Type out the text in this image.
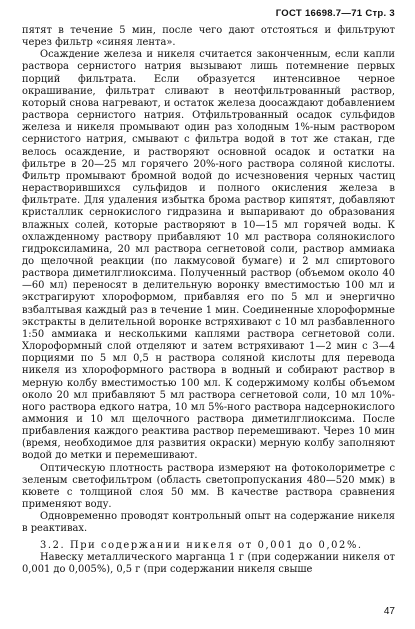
ГОСТ 16698.7—71 Стр. 3

пятят в течение 5 мин, после чего дают отстояться и фильтруют через фильтр «синяя лента».

Осаждение железа и никеля считается законченным, если капли раствора сернистого натрия вызывают лишь потемнение первых порций фильтрата. Если образуется интенсивное черное окрашивание, фильтрат сливают в неотфильтрованный раствор, который снова нагревают, и остаток железа доосаждают добавлением раствора сернистого натрия. Отфильтрованный осадок сульфидов железа и никеля промывают один раз холодным 1%-ным раствором сернистого натрия, смывают с фильтра водой в тот же стакан, где велось осаждение, и растворяют основной осадок и остатки на фильтре в 20—25 мл горячего 20%-ного раствора соляной кислоты. Фильтр промывают бромной водой до исчезновения черных частиц нерастворившихся сульфидов и полного окисления железа в фильтрате. Для удаления избытка брома раствор кипятят, добавляют кристаллик сернокислого гидразина и выпаривают до образования влажных солей, которые растворяют в 10—15 мл горячей воды. К охлажденному раствору прибавляют 10 мл раствора солянокислого гидроксиламина, 20 мл раствора сегнетовой соли, раствор аммиака до щелочной реакции (по лакмусовой бумаге) и 2 мл спиртового раствора диметилглиоксима. Полученный раствор (объемом около 40—60 мл) переносят в делительную воронку вместимостью 100 мл и экстрагируют хлороформом, прибавляя его по 5 мл и энергично взбалтывая каждый раз в течение 1 мин. Соединенные хлороформные экстракты в делительной воронке встряхивают с 10 мл разбавленного 1:50 аммиака и несколькими каплями раствора сегнетовой соли. Хлороформный слой отделяют и затем встряхивают 1—2 мин с 3—4 порциями по 5 мл 0,5 н раствора соляной кислоты для перевода никеля из хлороформного раствора в водный и собирают раствор в мерную колбу вместимостью 100 мл. К содержимому колбы объемом около 20 мл прибавляют 5 мл раствора сегнетовой соли, 10 мл 10%-ного раствора едкого натра, 10 мл 5%-ного раствора надсернокислого аммония и 10 мл щелочного раствора диметилглиоксима. После прибавления каждого реактива раствор перемешивают. Через 10 мин (время, необходимое для развития окраски) мерную колбу заполняют водой до метки и перемешивают.

Оптическую плотность раствора измеряют на фотоколориметре с зеленым светофильтром (область светопропускания 480—520 ммк) в кювете с толщиной слоя 50 мм. В качестве раствора сравнения применяют воду.

Одновременно проводят контрольный опыт на содержание никеля в реактивах.

3.2. При содержании никеля от 0,001 до 0,02%.

Навеску металлического марганца 1 г (при содержании никеля от 0,001 до 0,005%), 0,5 г (при содержании никеля свыше

47
